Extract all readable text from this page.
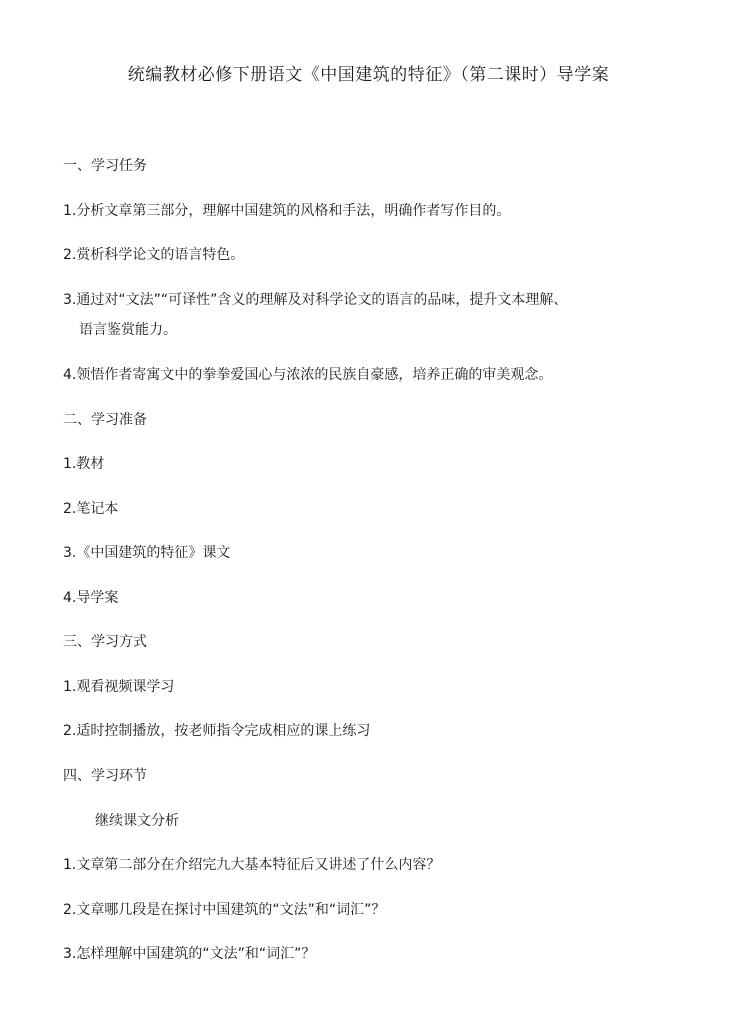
统编教材必修下册语文《中国建筑的特征》（第二课时）导学案
一、学习任务
1.分析文章第三部分，理解中国建筑的风格和手法，明确作者写作目的。
2.赏析科学论文的语言特色。
3.通过对“文法”“可译性”含义的理解及对科学论文的语言的品味，提升文本理解、
语言鉴赏能力。
4.领悟作者寄寓文中的拳拳爱国心与浓浓的民族自豪感，培养正确的审美观念。
二、学习准备
1.教材
2.笔记本
3.《中国建筑的特征》课文
4.导学案
三、学习方式
1.观看视频课学习
2.适时控制播放，按老师指令完成相应的课上练习
四、学习环节
继续课文分析
1.文章第二部分在介绍完九大基本特征后又讲述了什么内容？
2.文章哪几段是在探讨中国建筑的“文法”和“词汇”？
3.怎样理解中国建筑的“文法”和“词汇”？
